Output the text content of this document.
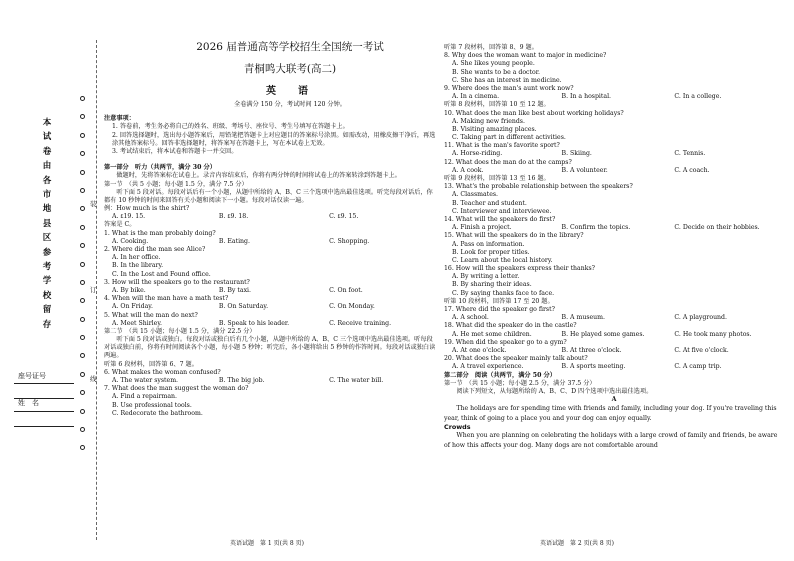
本
试
卷
由
各
市
地
县
区
参
考
学
校
留
存
装
订
线
座号证号
姓　名
2026 届普通高等学校招生全国统一考试
青桐鸣大联考(高二)
英　语
全卷满分 150 分，考试时间 120 分钟。
注意事项：
1. 答卷前，考生务必将自己的姓名、班级、考场号、座位号、考生号填写在答题卡上。
2. 回答选择题时，选出每小题答案后，用铅笔把答题卡上对应题目的答案标号涂黑。如需改动，用橡皮擦干净后，再选涂其他答案标号。回答非选择题时，将答案写在答题卡上，写在本试卷上无效。
3. 考试结束后，将本试卷和答题卡一并交回。
第一部分　听力（共两节，满分 30 分）
　　做题时，先将答案标在试卷上。录音内容结束后，你将有两分钟的时间将试卷上的答案转涂到答题卡上。
第一节　（共 5 小题；每小题 1.5 分，满分 7.5 分）
　　听下面 5 段对话。每段对话后有一个小题，从题中所给的 A、B、C 三个选项中选出最佳选项。听完每段对话后，你都有 10 秒钟的时间来回答有关小题和阅读下一小题。每段对话仅读一遍。
例：How much is the shirt?
A. ₤19. 15.	B. ₤9. 18.	C. ₤9. 15.
答案是 C。
1. What is the man probably doing?
A. Cooking.	B. Eating.	C. Shopping.
2. Where did the man see Alice?
A. In her office.
B. In the library.
C. In the Lost and Found office.
3. How will the speakers go to the restaurant?
A. By bike.	B. By taxi.	C. On foot.
4. When will the man have a math test?
A. On Friday.	B. On Saturday.	C. On Monday.
5. What will the man do next?
A. Meet Shirley.	B. Speak to his leader.	C. Receive training.
第二节　（共 15 小题；每小题 1.5 分，满分 22.5 分）
　　听下面 5 段对话或独白。每段对话或独白后有几个小题，从题中所给的 A、B、C 三个选项中选出最佳选项。听每段对话或独白前，你将有时间阅读各个小题，每小题 5 秒钟；听完后，各小题将给出 5 秒钟的作答时间。每段对话或独白读两遍。
听第 6 段材料，回答第 6、7 题。
6. What makes the woman confused?
A. The water system.	B. The big job.	C. The water bill.
7. What does the man suggest the woman do?
A. Find a repairman.
B. Use professional tools.
C. Redecorate the bathroom.
听第 7 段材料，回答第 8、9 题。
8. Why does the woman want to major in medicine?
A. She likes young people.
B. She wants to be a doctor.
C. She has an interest in medicine.
9. Where does the man's aunt work now?
A. In a cinema.	B. In a hospital.	C. In a college.
听第 8 段材料，回答第 10 至 12 题。
10. What does the man like best about working holidays?
A. Making new friends.
B. Visiting amazing places.
C. Taking part in different activities.
11. What is the man's favorite sport?
A. Horse-riding.	B. Skiing.	C. Tennis.
12. What does the man do at the camps?
A. A cook.	B. A volunteer.	C. A coach.
听第 9 段材料，回答第 13 至 16 题。
13. What's the probable relationship between the speakers?
A. Classmates.
B. Teacher and student.
C. Interviewer and interviewee.
14. What will the speakers do first?
A. Finish a project.	B. Confirm the topics.	C. Decide on their hobbies.
15. What will the speakers do in the library?
A. Pass on information.
B. Look for proper titles.
C. Learn about the local history.
16. How will the speakers express their thanks?
A. By writing a letter.
B. By sharing their ideas.
C. By saying thanks face to face.
听第 10 段材料，回答第 17 至 20 题。
17. Where did the speaker go first?
A. A school.	B. A museum.	C. A playground.
18. What did the speaker do in the castle?
A. He met some children.	B. He played some games.	C. He took many photos.
19. When did the speaker go to a gym?
A. At one o'clock.	B. At three o'clock.	C. At five o'clock.
20. What does the speaker mainly talk about?
A. A travel experience.	B. A sports meeting.	C. A camp trip.
第二部分　阅读（共两节，满分 50 分）
第一节　（共 15 小题；每小题 2.5 分，满分 37.5 分）
　　阅读下列短文，从每题所给的 A、B、C、D 四个选项中选出最佳选项。
A
　　The holidays are for spending time with friends and family, including your dog. If you're traveling this year, think of going to a place you and your dog can enjoy equally.
Crowds
　　When you are planning on celebrating the holidays with a large crowd of family and friends, be aware of how this affects your dog. Many dogs are not comfortable around
英语试题　第 1 页(共 8 页)	英语试题　第 2 页(共 8 页)
